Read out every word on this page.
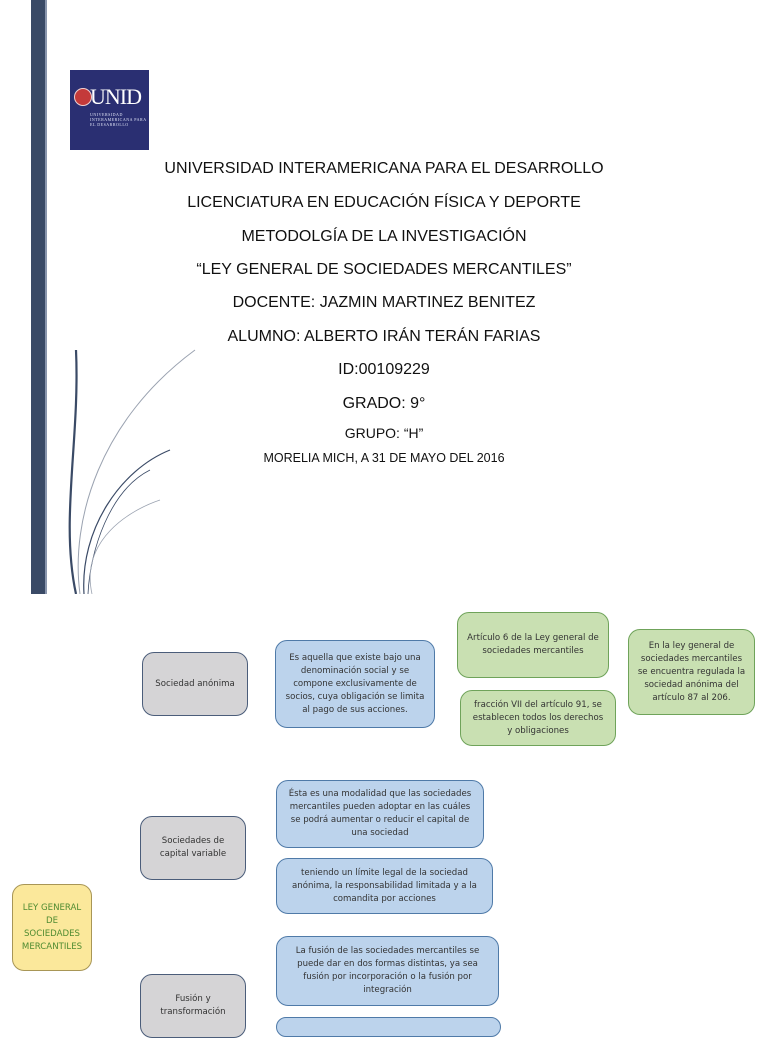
UNID
UNIVERSIDAD INTERAMERICANA PARA EL DESARROLLO
UNIVERSIDAD INTERAMERICANA PARA EL DESARROLLO
LICENCIATURA EN EDUCACIÓN FÍSICA Y DEPORTE
METODOLGÍA DE LA INVESTIGACIÓN
“LEY GENERAL DE SOCIEDADES MERCANTILES”
DOCENTE: JAZMIN MARTINEZ BENITEZ
ALUMNO: ALBERTO IRÁN TERÁN FARIAS
ID:00109229
GRADO: 9°
GRUPO: “H”
MORELIA MICH, A 31 DE MAYO DEL 2016
Sociedad anónima
Es aquella que existe bajo una denominación social y se compone exclusivamente de socios, cuya obligación se limita al pago de sus acciones.
Artículo 6 de la Ley general de sociedades mercantiles
fracción VII del artículo 91, se establecen todos los derechos y obligaciones
En la ley general de sociedades mercantiles se encuentra regulada la sociedad anónima del artículo 87 al 206.
Sociedades de capital variable
Ésta es una modalidad que las sociedades mercantiles pueden adoptar en las cuáles se podrá aumentar o reducir el capital de una sociedad
teniendo un límite legal de la sociedad anónima, la responsabilidad limitada y a la comandita por acciones
LEY GENERAL DE SOCIEDADES MERCANTILES
Fusión y transformación
La fusión de las sociedades mercantiles se puede dar en dos formas distintas, ya sea fusión por incorporación o la fusión por integración
